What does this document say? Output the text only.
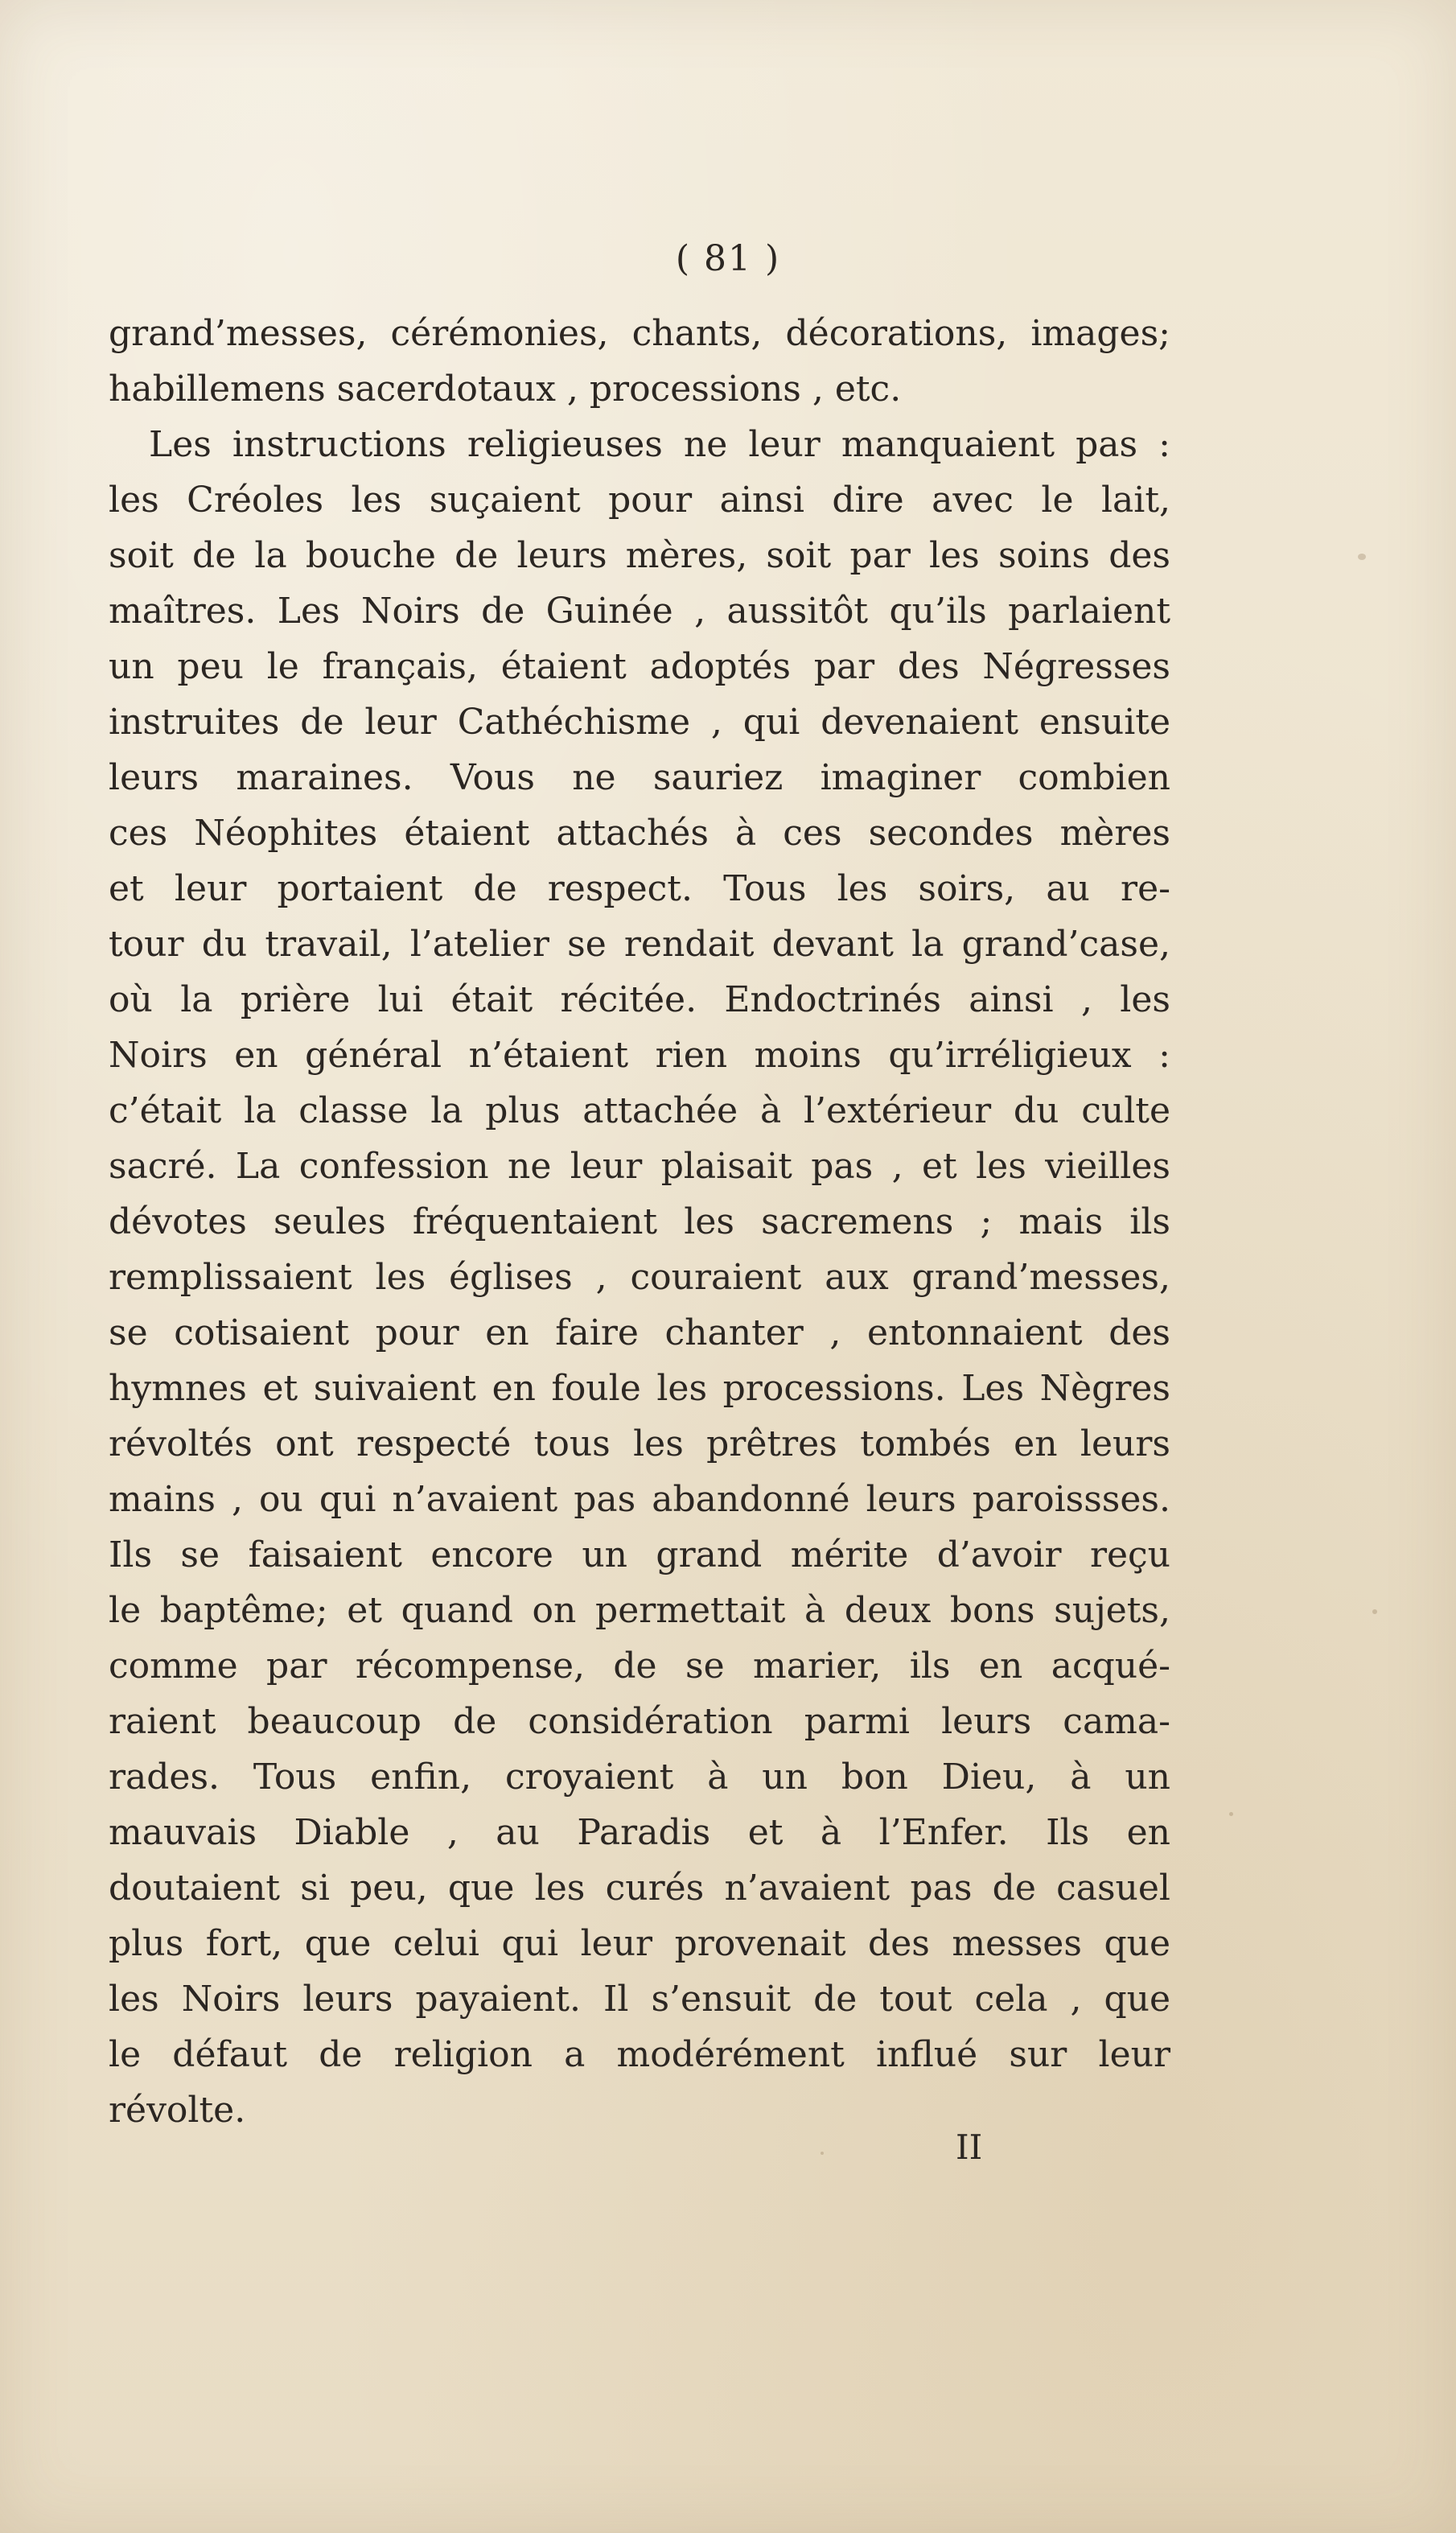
( 81 )
grand’messes, cérémonies, chants, décorations, images;
habillemens sacerdotaux , processions , etc.
Les instructions religieuses ne leur manquaient pas :
les Créoles les suçaient pour ainsi dire avec le lait,
soit de la bouche de leurs mères, soit par les soins des
maîtres. Les Noirs de Guinée , aussitôt qu’ils parlaient
un peu le français, étaient adoptés par des Négresses
instruites de leur Cathéchisme , qui devenaient ensuite
leurs maraines. Vous ne sauriez imaginer combien
ces Néophites étaient attachés à ces secondes mères
et leur portaient de respect. Tous les soirs, au re-
tour du travail, l’atelier se rendait devant la grand’case,
où la prière lui était récitée. Endoctrinés ainsi , les
Noirs en général n’étaient rien moins qu’irréligieux :
c’était la classe la plus attachée à l’extérieur du culte
sacré. La confession ne leur plaisait pas , et les vieilles
dévotes seules fréquentaient les sacremens ; mais ils
remplissaient les églises , couraient aux grand’messes,
se cotisaient pour en faire chanter , entonnaient des
hymnes et suivaient en foule les processions. Les Nègres
révoltés ont respecté tous les prêtres tombés en leurs
mains , ou qui n’avaient pas abandonné leurs paroissses.
Ils se faisaient encore un grand mérite d’avoir reçu
le baptême; et quand on permettait à deux bons sujets,
comme par récompense, de se marier, ils en acqué-
raient beaucoup de considération parmi leurs cama-
rades. Tous enfin, croyaient à un bon Dieu, à un
mauvais Diable , au Paradis et à l’Enfer. Ils en
doutaient si peu, que les curés n’avaient pas de casuel
plus fort, que celui qui leur provenait des messes que
les Noirs leurs payaient. Il s’ensuit de tout cela , que
le défaut de religion a modérément influé sur leur
révolte.
II
